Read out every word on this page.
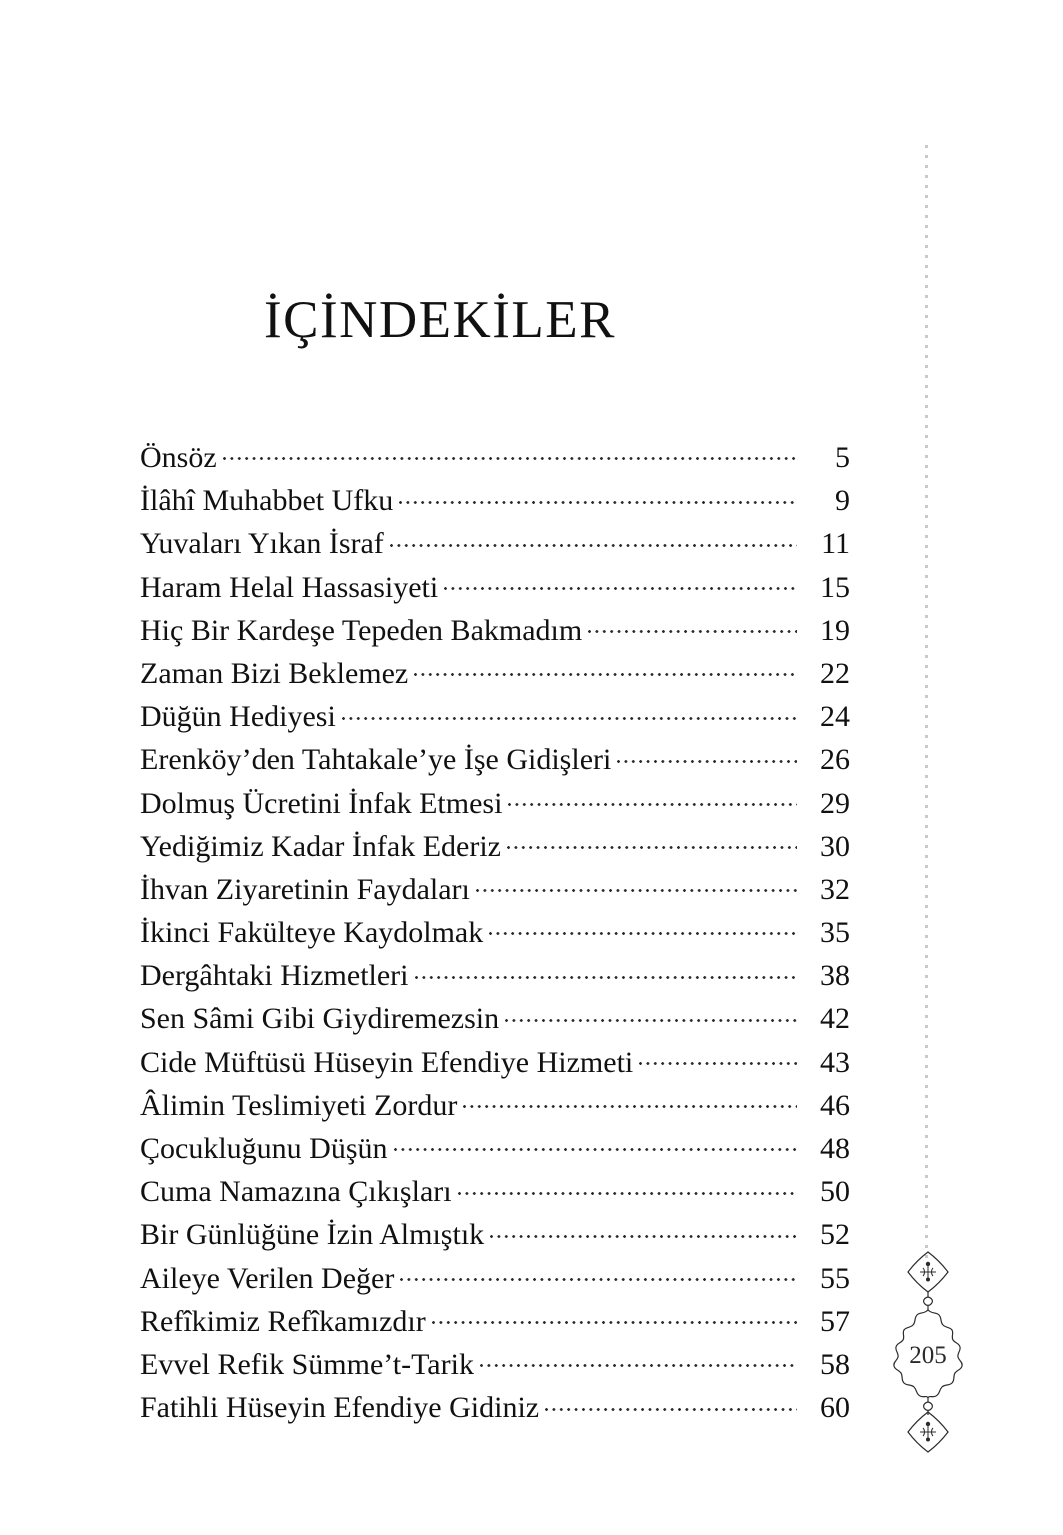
İÇİNDEKİLER
Önsöz	5
İlâhî Muhabbet Ufku	9
Yuvaları Yıkan İsraf	11
Haram Helal Hassasiyeti	15
Hiç Bir Kardeşe Tepeden Bakmadım	19
Zaman Bizi Beklemez	22
Düğün Hediyesi	24
Erenköy’den Tahtakale’ye İşe Gidişleri	26
Dolmuş Ücretini İnfak Etmesi	29
Yediğimiz Kadar İnfak Ederiz	30
İhvan Ziyaretinin Faydaları	32
İkinci Fakülteye Kaydolmak	35
Dergâhtaki Hizmetleri	38
Sen Sâmi Gibi Giydiremezsin	42
Cide Müftüsü Hüseyin Efendiye Hizmeti	43
Âlimin Teslimiyeti Zordur	46
Çocukluğunu Düşün	48
Cuma Namazına Çıkışları	50
Bir Günlüğüne İzin Almıştık	52
Aileye Verilen Değer	55
Refîkimiz Refîkamızdır	57
Evvel Refik Sümme’t-Tarik	58
Fatihli Hüseyin Efendiye Gidiniz	60
205
